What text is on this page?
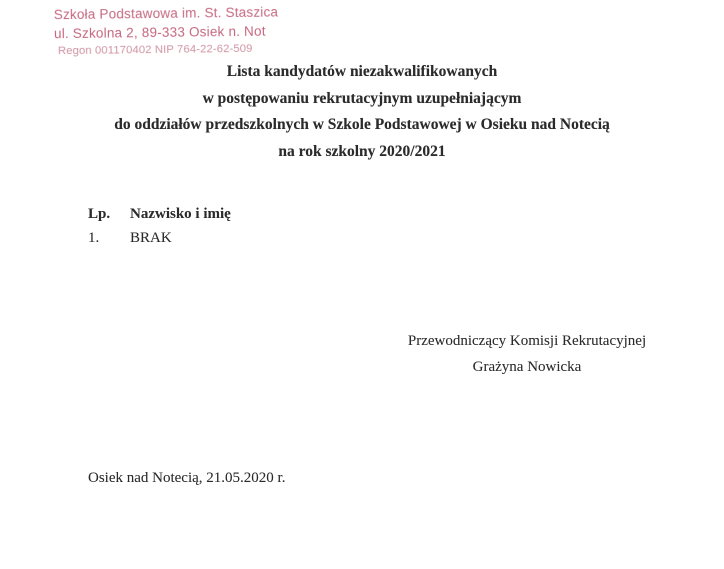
Szkoła Podstawowa im. St. Staszica
ul. Szkolna 2, 89-333 Osiek n. Not
Regon 001170402 NIP 764-22-62-509
Lista kandydatów niezakwalifikowanych
w postępowaniu rekrutacyjnym uzupełniającym
do oddziałów przedszkolnych w Szkole Podstawowej w Osieku nad Notecią
na rok szkolny 2020/2021
Lp. Nazwisko i imię
1. BRAK
Przewodniczący Komisji Rekrutacyjnej
Grażyna Nowicka
Osiek nad Notecią, 21.05.2020 r.
